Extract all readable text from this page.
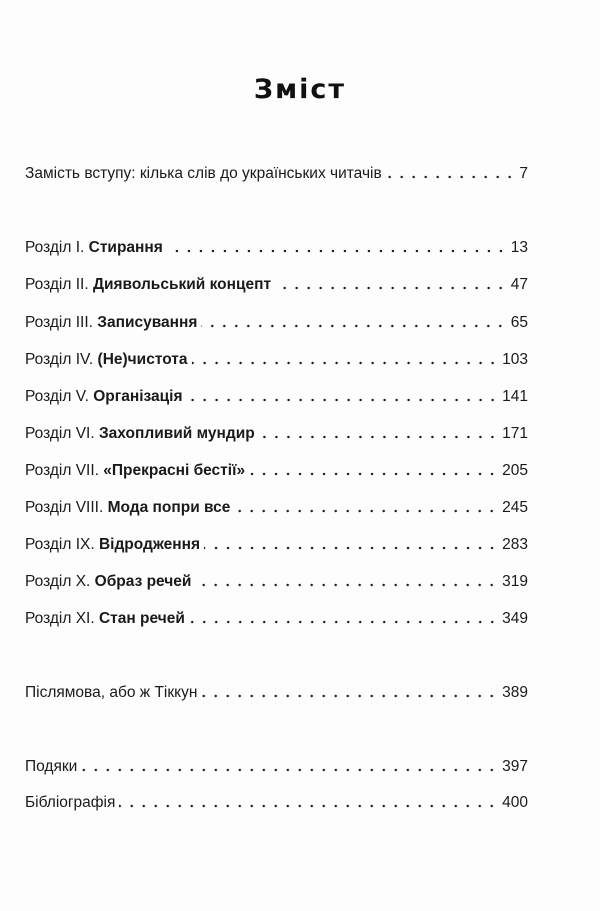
Зміст
Замість вступу: кілька слів до українських читачів	7
Розділ I. Стирання	13
Розділ II. Диявольський концепт	47
Розділ III. Записування	65
Розділ IV. (Не)чистота	103
Розділ V. Організація	141
Розділ VI. Захопливий мундир	171
Розділ VII. «Прекрасні бестії»	205
Розділ VIII. Мода попри все	245
Розділ IX. Відродження	283
Розділ X. Образ речей	319
Розділ XI. Стан речей	349
Післямова, або ж Тіккун	389
Подяки	397
Бібліографія	400
